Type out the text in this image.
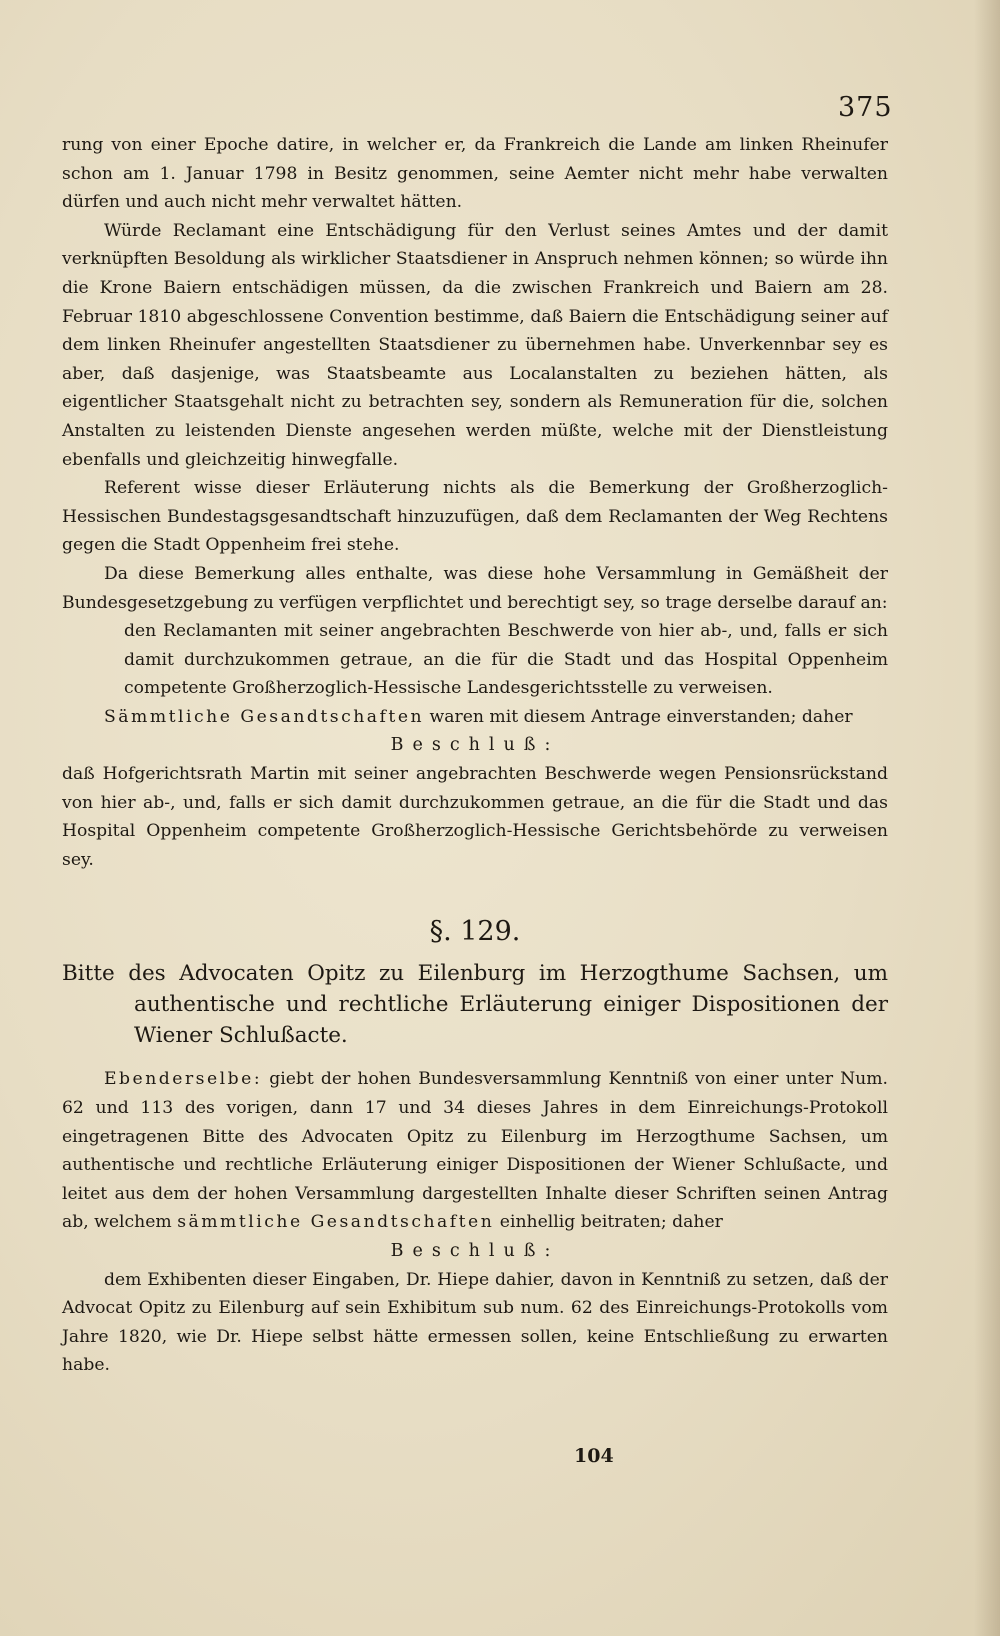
375

rung von einer Epoche datire, in welcher er, da Frankreich die Lande am linken Rheinufer schon am 1. Januar 1798 in Besitz genommen, seine Aemter nicht mehr habe verwalten dürfen und auch nicht mehr verwaltet hätten.

Würde Reclamant eine Entschädigung für den Verlust seines Amtes und der damit verknüpften Besoldung als wirklicher Staatsdiener in Anspruch nehmen können; so würde ihn die Krone Baiern entschädigen müssen, da die zwischen Frankreich und Baiern am 28. Februar 1810 abgeschlossene Convention bestimme, daß Baiern die Entschädigung seiner auf dem linken Rheinufer angestellten Staatsdiener zu übernehmen habe. Unverkennbar sey es aber, daß dasjenige, was Staatsbeamte aus Localanstalten zu beziehen hätten, als eigentlicher Staatsgehalt nicht zu betrachten sey, sondern als Remuneration für die, solchen Anstalten zu leistenden Dienste angesehen werden müßte, welche mit der Dienstleistung ebenfalls und gleichzeitig hinwegfalle.

Referent wisse dieser Erläuterung nichts als die Bemerkung der Großherzoglich-Hessischen Bundestagsgesandtschaft hinzuzufügen, daß dem Reclamanten der Weg Rechtens gegen die Stadt Oppenheim frei stehe.

Da diese Bemerkung alles enthalte, was diese hohe Versammlung in Gemäßheit der Bundesgesetzgebung zu verfügen verpflichtet und berechtigt sey, so trage derselbe darauf an:

den Reclamanten mit seiner angebrachten Beschwerde von hier ab-, und, falls er sich damit durchzukommen getraue, an die für die Stadt und das Hospital Oppenheim competente Großherzoglich-Hessische Landesgerichtsstelle zu verweisen.

Sämmtliche Gesandtschaften waren mit diesem Antrage einverstanden; daher

Beschluß:

daß Hofgerichtsrath Martin mit seiner angebrachten Beschwerde wegen Pensionsrückstand von hier ab-, und, falls er sich damit durchzukommen getraue, an die für die Stadt und das Hospital Oppenheim competente Großherzoglich-Hessische Gerichtsbehörde zu verweisen sey.

§. 129.
Bitte des Advocaten Opitz zu Eilenburg im Herzogthume Sachsen, um authentische und rechtliche Erläuterung einiger Dispositionen der Wiener Schlußacte.

Ebenderselbe: giebt der hohen Bundesversammlung Kenntniß von einer unter Num. 62 und 113 des vorigen, dann 17 und 34 dieses Jahres in dem Einreichungs-Protokoll eingetragenen Bitte des Advocaten Opitz zu Eilenburg im Herzogthume Sachsen, um authentische und rechtliche Erläuterung einiger Dispositionen der Wiener Schlußacte, und leitet aus dem der hohen Versammlung dargestellten Inhalte dieser Schriften seinen Antrag ab, welchem sämmtliche Gesandtschaften einhellig beitraten; daher

Beschluß:

dem Exhibenten dieser Eingaben, Dr. Hiepe dahier, davon in Kenntniß zu setzen, daß der Advocat Opitz zu Eilenburg auf sein Exhibitum sub num. 62 des Einreichungs-Protokolls vom Jahre 1820, wie Dr. Hiepe selbst hätte ermessen sollen, keine Entschließung zu erwarten habe.

104
